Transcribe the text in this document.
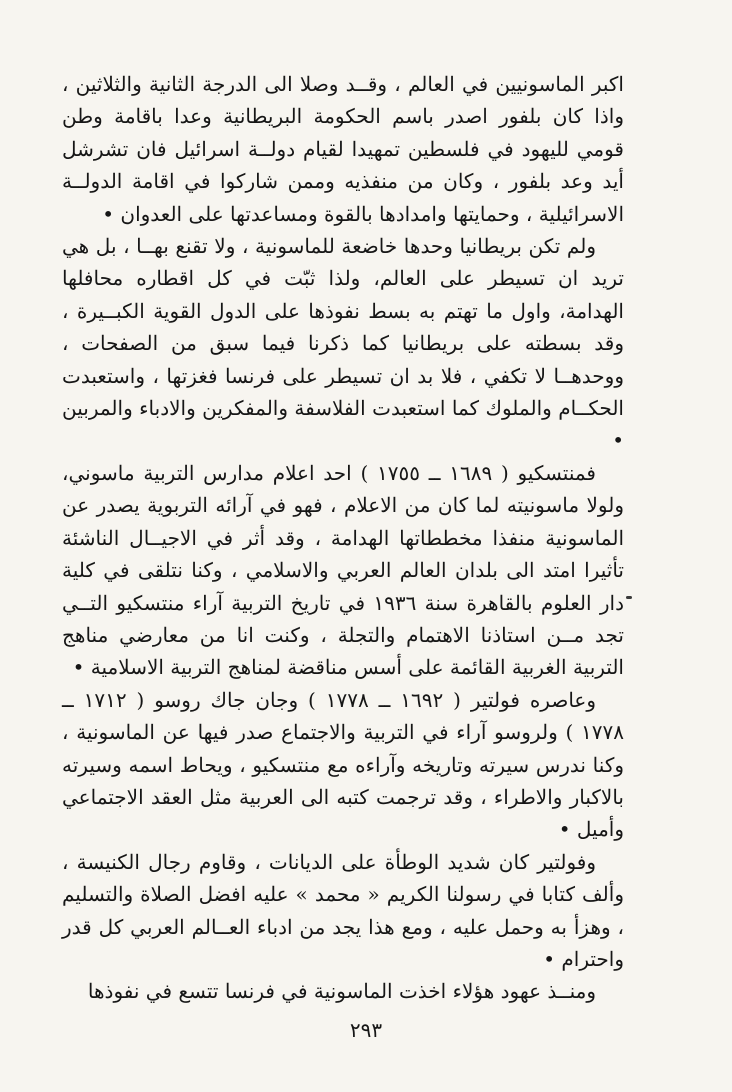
اكبر الماسونيين في العالم ، وقــد وصلا الى الدرجة الثانية والثلاثين ، واذا كان بلفور اصدر باسم الحكومة البريطانية وعدا باقامة وطن قومي لليهود في فلسطين تمهيدا لقيام دولــة اسرائيل فان تشرشل أيد وعد بلفور ، وكان من منفذيه وممن شاركوا في اقامة الدولــة الاسرائيلية ، وحمايتها وامدادها بالقوة ومساعدتها على العدوان •

ولم تكن بريطانيا وحدها خاضعة للماسونية ، ولا تقنع بهــا ، بل هي تريد ان تسيطر على العالم، ولذا ثبّت في كل اقطاره محافلها الهدامة، واول ما تهتم به بسط نفوذها على الدول القوية الكبــيرة ، وقد بسطته على بريطانيا كما ذكرنا فيما سبق من الصفحات ، ووحدهــا لا تكفي ، فلا بد ان تسيطر على فرنسا فغزتها ، واستعبدت الحكــام والملوك كما استعبدت الفلاسفة والمفكرين والادباء والمربين •

فمنتسكيو ( ١٦٨٩ ــ ١٧٥٥ ) احد اعلام مدارس التربية ماسوني، ولولا ماسونيته لما كان من الاعلام ، فهو في آرائه التربوية يصدر عن الماسونية منفذا مخططاتها الهدامة ، وقد أثر في الاجيــال الناشئة تأثيرا امتد الى بلدان العالم العربي والاسلامي ، وكنا نتلقى في كلية دار العلوم بالقاهرة سنة ١٩٣٦ في تاريخ التربية آراء منتسكيو التــي تجد مــن استاذنا الاهتمام والتجلة ، وكنت انا من معارضي مناهج التربية الغربية القائمة على أسس مناقضة لمناهج التربية الاسلامية •

وعاصره فولتير ( ١٦٩٢ ــ ١٧٧٨ ) وجان جاك روسو ( ١٧١٢ ــ ١٧٧٨ ) ولروسو آراء في التربية والاجتماع صدر فيها عن الماسونية ، وكنا ندرس سيرته وتاريخه وآراءه مع منتسكيو ، ويحاط اسمه وسيرته بالاكبار والاطراء ، وقد ترجمت كتبه الى العربية مثل العقد الاجتماعي وأميل •

وفولتير كان شديد الوطأة على الديانات ، وقاوم رجال الكنيسة ، وألف كتابا في رسولنا الكريم « محمد » عليه افضل الصلاة والتسليم ، وهزأ به وحمل عليه ، ومع هذا يجد من ادباء العــالم العربي كل قدر واحترام •

ومنــذ عهود هؤلاء اخذت الماسونية في فرنسا تتسع في نفوذها

٢٩٣
